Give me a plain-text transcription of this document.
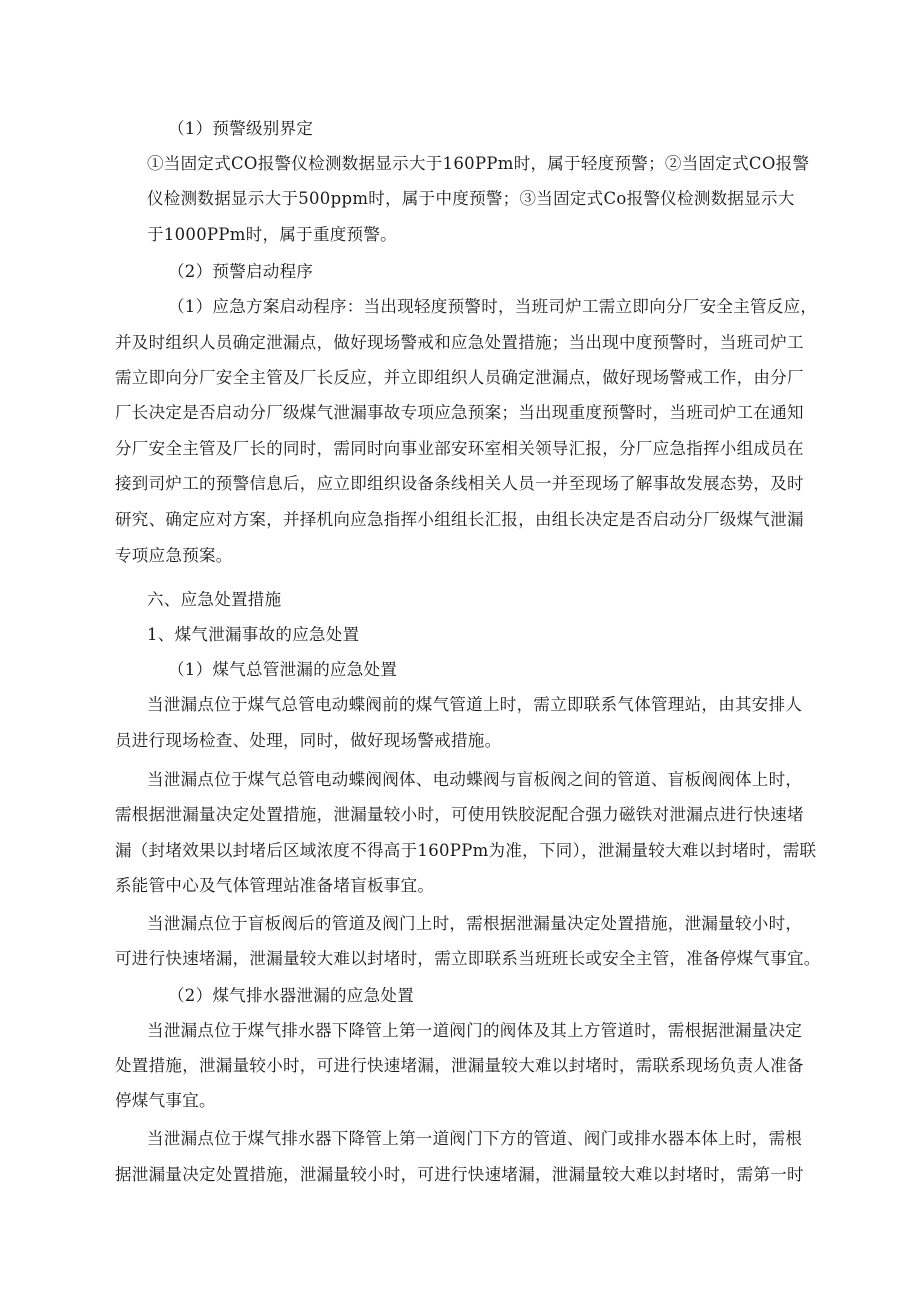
（1）预警级别界定
①当固定式CO报警仪检测数据显示大于160PPm时，属于轻度预警；②当固定式CO报警
仪检测数据显示大于500ppm时，属于中度预警；③当固定式Co报警仪检测数据显示大
于1000PPm时，属于重度预警。
（2）预警启动程序
（1）应急方案启动程序：当出现轻度预警时，当班司炉工需立即向分厂安全主管反应，
并及时组织人员确定泄漏点，做好现场警戒和应急处置措施；当出现中度预警时，当班司炉工
需立即向分厂安全主管及厂长反应，并立即组织人员确定泄漏点，做好现场警戒工作，由分厂
厂长决定是否启动分厂级煤气泄漏事故专项应急预案；当出现重度预警时，当班司炉工在通知
分厂安全主管及厂长的同时，需同时向事业部安环室相关领导汇报，分厂应急指挥小组成员在
接到司炉工的预警信息后，应立即组织设备条线相关人员一并至现场了解事故发展态势，及时
研究、确定应对方案，并择机向应急指挥小组组长汇报，由组长决定是否启动分厂级煤气泄漏
专项应急预案。
六、应急处置措施
1、煤气泄漏事故的应急处置
（1）煤气总管泄漏的应急处置
当泄漏点位于煤气总管电动蝶阀前的煤气管道上时，需立即联系气体管理站，由其安排人
员进行现场检查、处理，同时，做好现场警戒措施。
当泄漏点位于煤气总管电动蝶阀阀体、电动蝶阀与盲板阀之间的管道、盲板阀阀体上时，
需根据泄漏量决定处置措施，泄漏量较小时，可使用铁胶泥配合强力磁铁对泄漏点进行快速堵
漏（封堵效果以封堵后区域浓度不得高于160PPm为准，下同），泄漏量较大难以封堵时，需联
系能管中心及气体管理站准备堵盲板事宜。
当泄漏点位于盲板阀后的管道及阀门上时，需根据泄漏量决定处置措施，泄漏量较小时，
可进行快速堵漏，泄漏量较大难以封堵时，需立即联系当班班长或安全主管，准备停煤气事宜。
（2）煤气排水器泄漏的应急处置
当泄漏点位于煤气排水器下降管上第一道阀门的阀体及其上方管道时，需根据泄漏量决定
处置措施，泄漏量较小时，可进行快速堵漏，泄漏量较大难以封堵时，需联系现场负责人准备
停煤气事宜。
当泄漏点位于煤气排水器下降管上第一道阀门下方的管道、阀门或排水器本体上时，需根
据泄漏量决定处置措施，泄漏量较小时，可进行快速堵漏，泄漏量较大难以封堵时，需第一时
